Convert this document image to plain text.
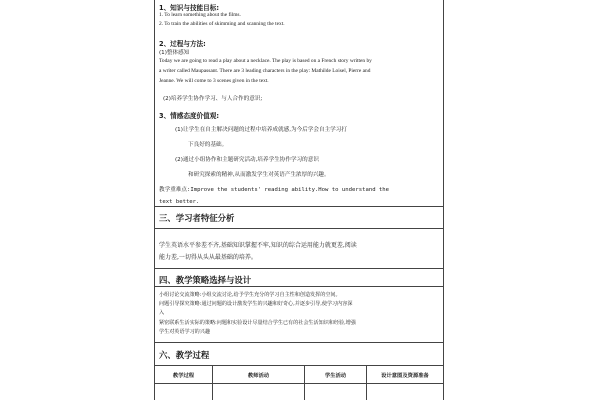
1、知识与技能目标:
1. To learn something about the films.
2. To train the abilities of skimming and scanning the text.
2、过程与方法:
(1)整体感知
Today we are going to read a play about a necklace. The play is based on a French story written by
a writer called Maupassant. There are 3 leading characters in the play: Mathilde Loisel, Pierre and
Jeanne. We will come to 3 scenes given in the text.
(2)培养学生协作学习、与人合作的意识;
3、情感态度价值观:
(1)让学生在自主解决问题的过程中培养成就感,为今后学会自主学习打
下良好的基础。
(2)通过小组协作和主题研究活动,培养学生协作学习的意识
和研究探索的精神,从而激发学生对英语产生浓厚的兴趣。
教学重难点:Improve the students' reading ability.How to understand the
text better.
三、学习者特征分析
学生英语水平参差不齐,基础知识掌握不牢,知识的综合运用能力就更差,阅读
能力差,一切得从头从最基础的培养。
四、教学策略选择与设计
小组讨论交流策略:小组交流讨论,给予学生充分的学习自主性和创造发挥的空间。
问题引导探究策略:通过问题的设计激发学生的兴趣和好奇心,并逐步引导,使学习内容深
入
紧密联系生活实际的策略:问题和实验设计尽量结合学生已有的社会生活知识和经验,增强
学生对英语学习的兴趣
六、教学过程
教学过程	教师活动	学生活动	设计意图及资源准备
